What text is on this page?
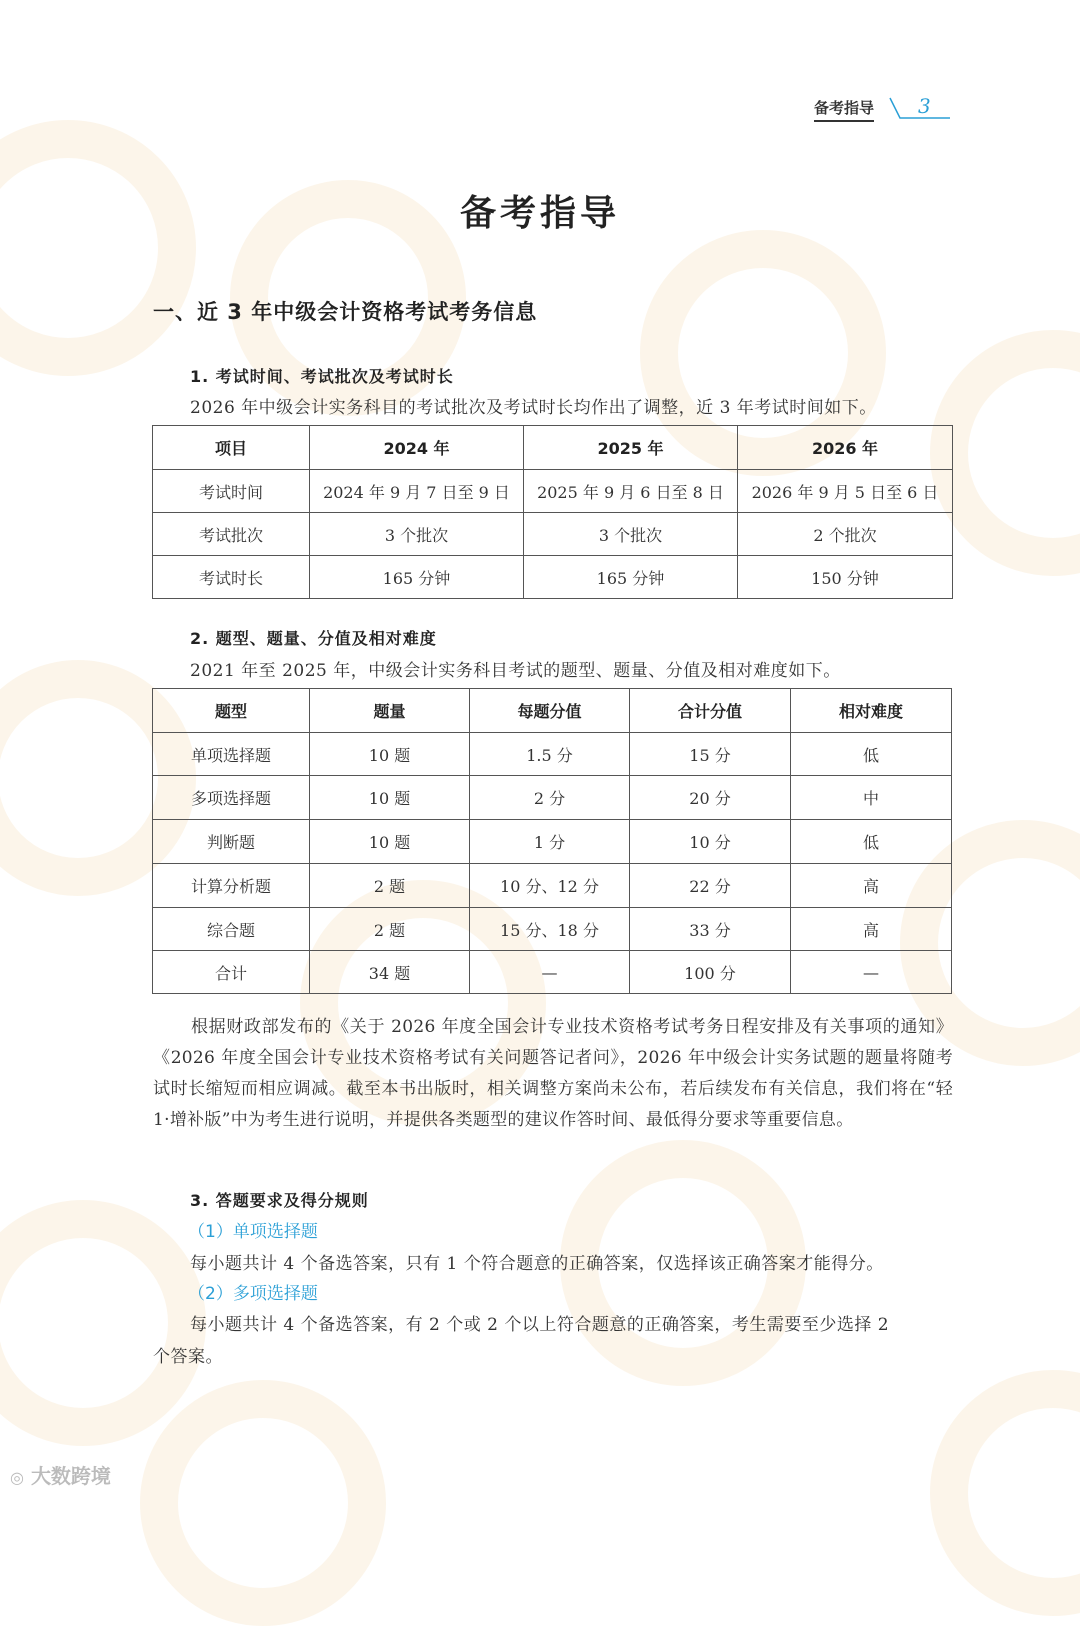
备考指导 3
备考指导
一、近 3 年中级会计资格考试考务信息
1. 考试时间、考试批次及考试时长
2026 年中级会计实务科目的考试批次及考试时长均作出了调整，近 3 年考试时间如下。
项目	2024 年	2025 年	2026 年
考试时间	2024 年 9 月 7 日至 9 日	2025 年 9 月 6 日至 8 日	2026 年 9 月 5 日至 6 日
考试批次	3 个批次	3 个批次	2 个批次
考试时长	165 分钟	165 分钟	150 分钟
2. 题型、题量、分值及相对难度
2021 年至 2025 年，中级会计实务科目考试的题型、题量、分值及相对难度如下。
题型	题量	每题分值	合计分值	相对难度
单项选择题	10 题	1.5 分	15 分	低
多项选择题	10 题	2 分	20 分	中
判断题	10 题	1 分	10 分	低
计算分析题	2 题	10 分、12 分	22 分	高
综合题	2 题	15 分、18 分	33 分	高
合计	34 题	—	100 分	—
根据财政部发布的《关于 2026 年度全国会计专业技术资格考试考务日程安排及有关事项的通知》《2026 年度全国会计专业技术资格考试有关问题答记者问》，2026 年中级会计实务试题的题量将随考试时长缩短而相应调减。截至本书出版时，相关调整方案尚未公布，若后续发布有关信息，我们将在“轻 1·增补版”中为考生进行说明，并提供各类题型的建议作答时间、最低得分要求等重要信息。
3. 答题要求及得分规则
（1）单项选择题
每小题共计 4 个备选答案，只有 1 个符合题意的正确答案，仅选择该正确答案才能得分。
（2）多项选择题
每小题共计 4 个备选答案，有 2 个或 2 个以上符合题意的正确答案，考生需要至少选择 2
个答案。
◎ 大数跨境
